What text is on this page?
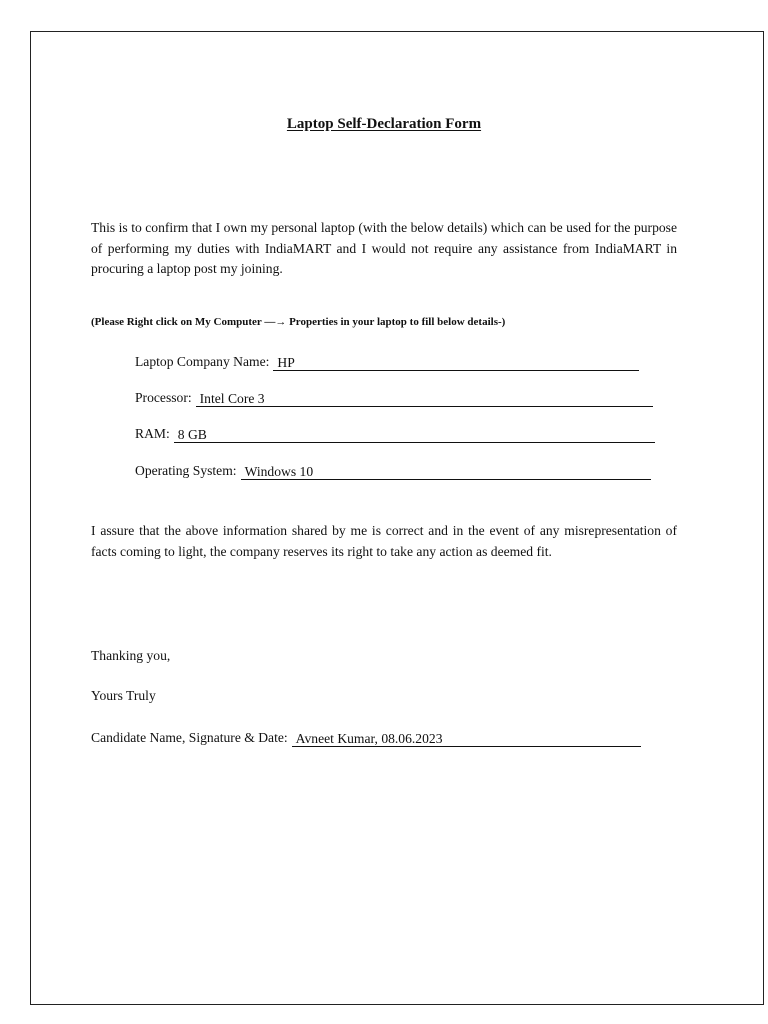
Laptop Self-Declaration Form

This is to confirm that I own my personal laptop (with the below details) which can be used for the purpose of performing my duties with IndiaMART and I would not require any assistance from IndiaMART in procuring a laptop post my joining.

(Please Right click on My Computer —→ Properties in your laptop to fill below details-)

Laptop Company Name: HP
Processor: Intel Core 3
RAM: 8 GB
Operating System: Windows 10

I assure that the above information shared by me is correct and in the event of any misrepresentation of facts coming to light, the company reserves its right to take any action as deemed fit.

Thanking you,

Yours Truly

Candidate Name, Signature & Date: Avneet Kumar, 08.06.2023
